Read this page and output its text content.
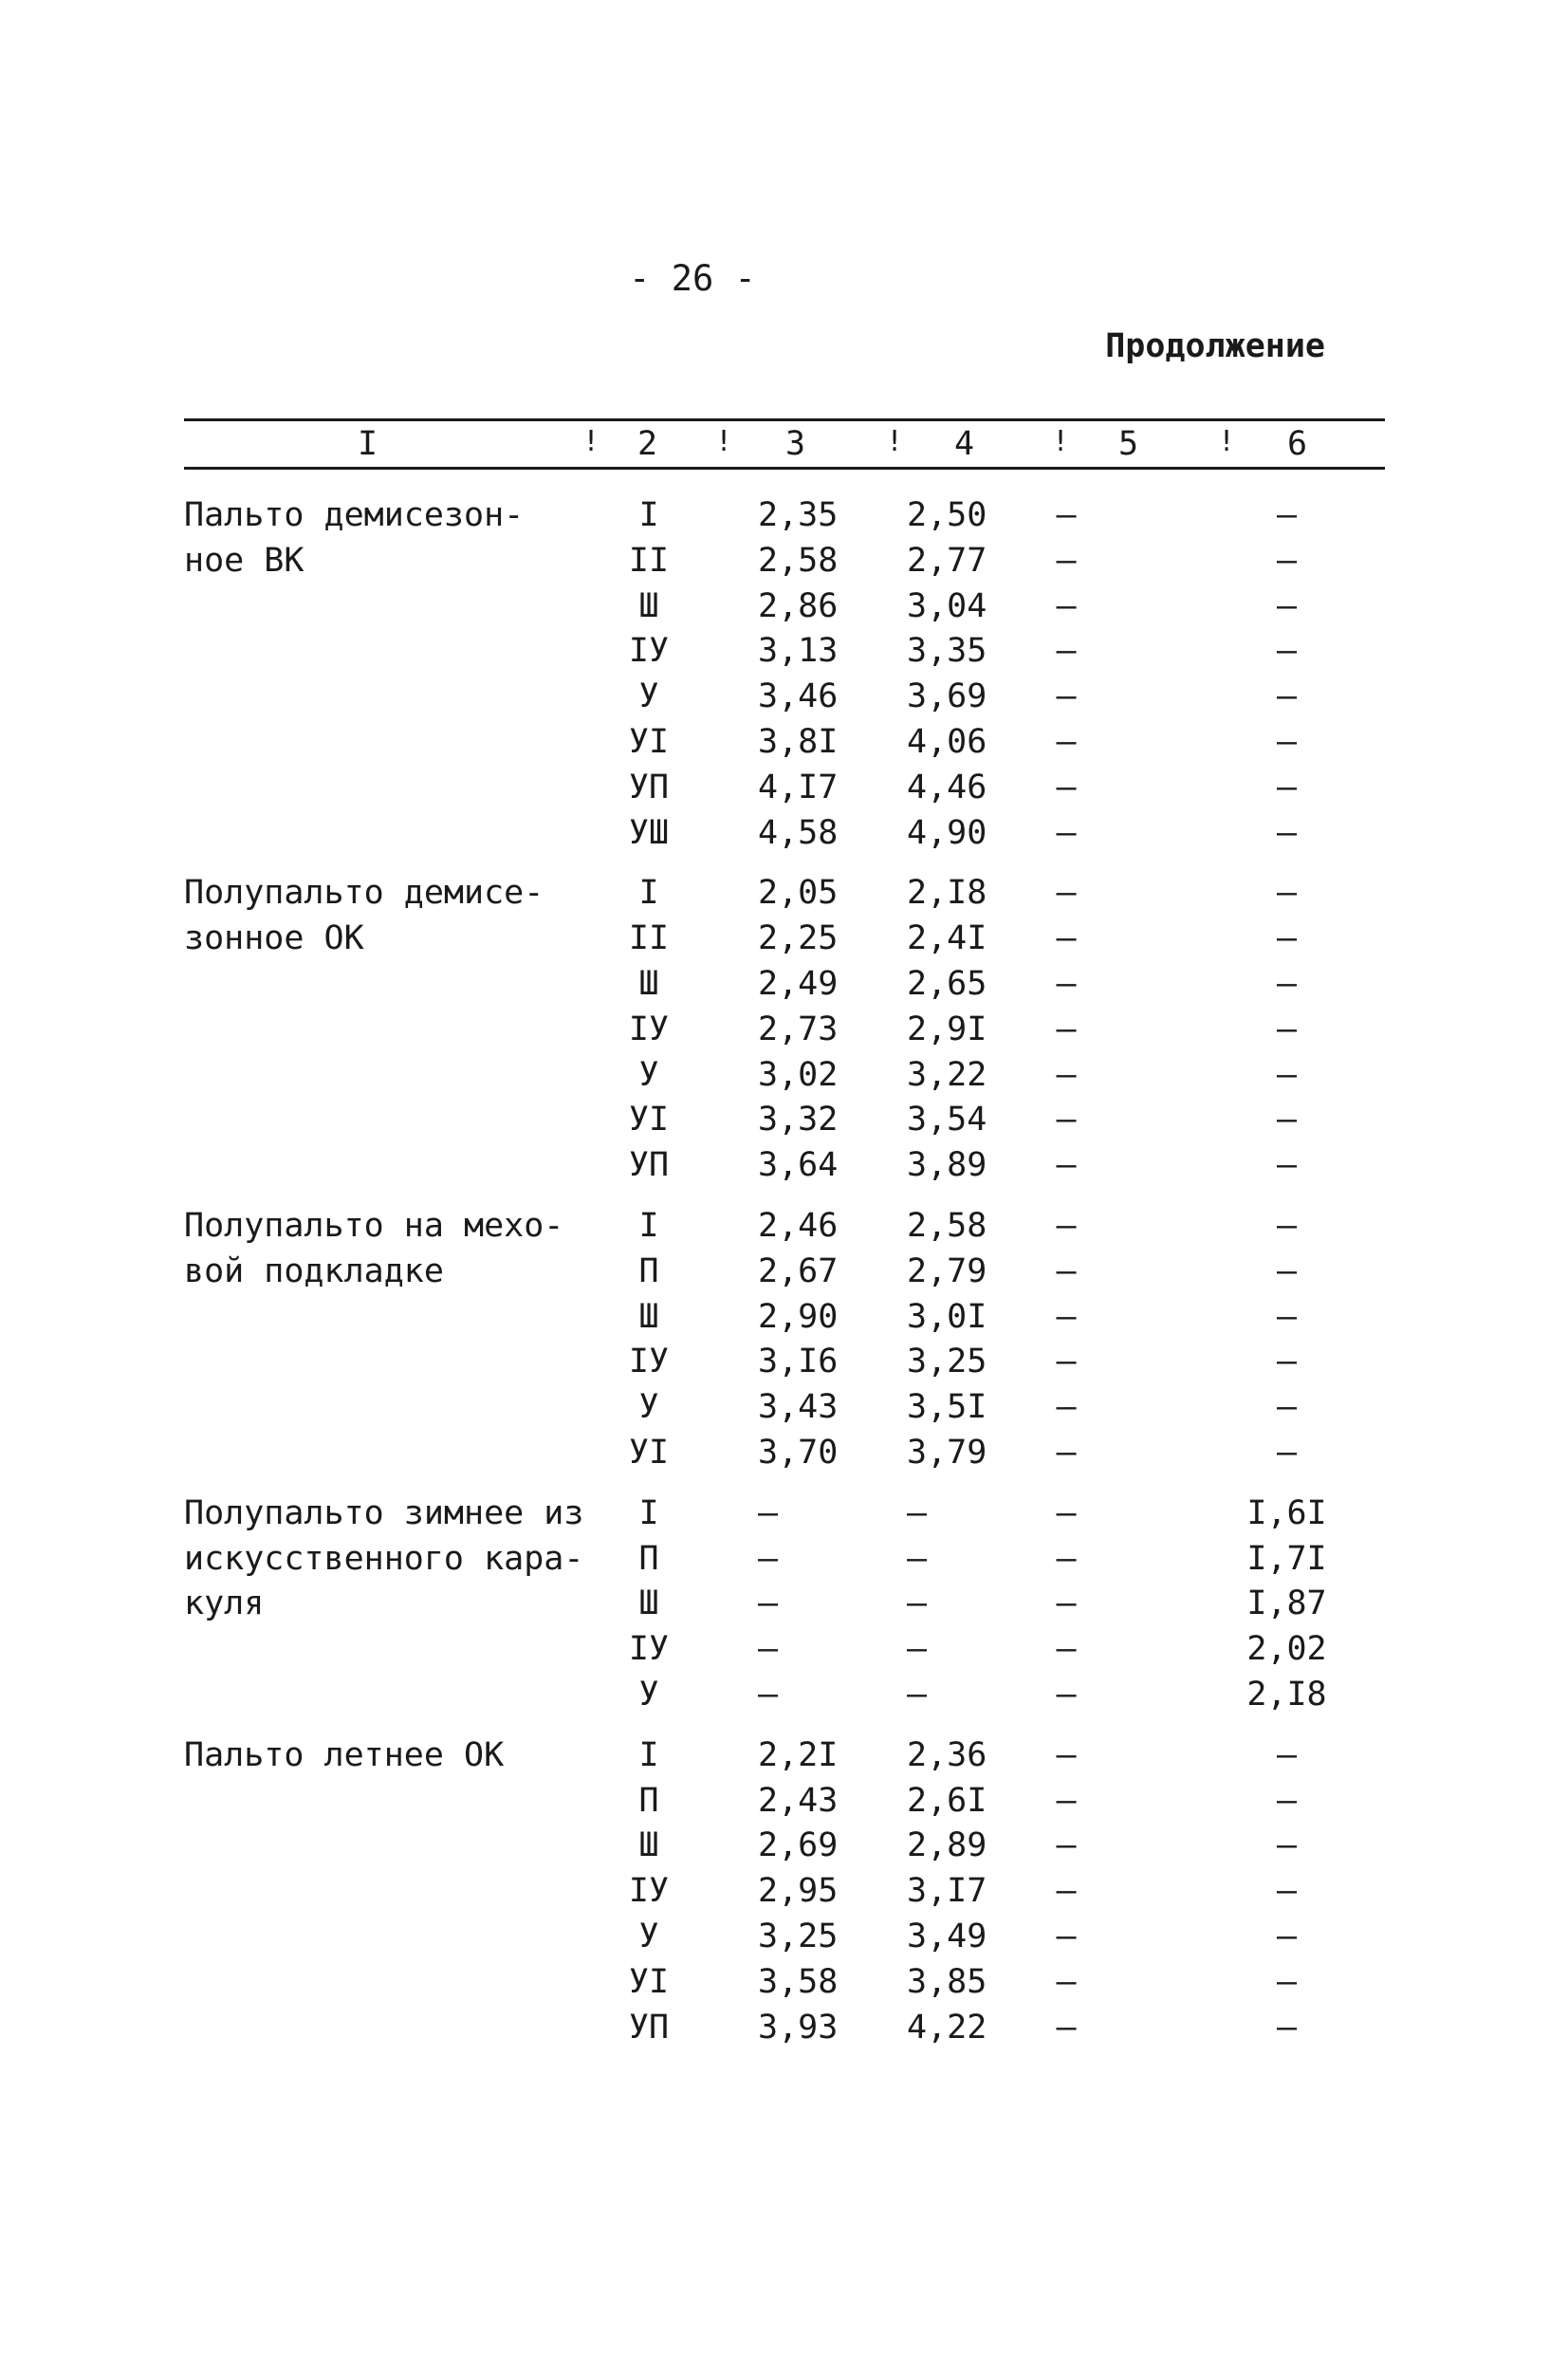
- 26 -
Продолжение
I	! 2 ! 3	! 4	! 5	! 6
Пальто демисезон-
ное ВК
I	2,35 2,50	–	–
II	2,58 2,77	–	–
Ш	2,86 3,04	–	–
IУ	3,13 3,35	–	–
У	3,46 3,69	–	–
УI	3,8I 4,06	–	–
УП	4,I7 4,46	–	–
УШ	4,58 4,90	–	–
Полупальто демисе-
зонное ОК
I	2,05 2,I8	–	–
II	2,25 2,4I	–	–
Ш	2,49 2,65	–	–
IУ	2,73 2,9I	–	–
У	3,02 3,22	–	–
УI	3,32 3,54	–	–
УП	3,64 3,89	–	–
Полупальто на мехо-
вой подкладке
I	2,46 2,58	–	–
П	2,67 2,79	–	–
Ш	2,90 3,0I	–	–
IУ	3,I6 3,25	–	–
У	3,43 3,5I	–	–
УI	3,70 3,79	–	–
Полупальто зимнее из
искусственного кара-
куля
I	–	–	–	I,6I
П	–	–	–	I,7I
Ш	–	–	–	I,87
IУ	–	–	–	2,02
У	–	–	–	2,I8
Пальто летнее ОК	I	2,2I 2,36	–	–
П	2,43 2,6I	–	–
Ш	2,69 2,89	–	–
IУ	2,95 3,I7	–	–
У	3,25 3,49	–	–
УI	3,58 3,85	–	–
УП	3,93 4,22	–	–
